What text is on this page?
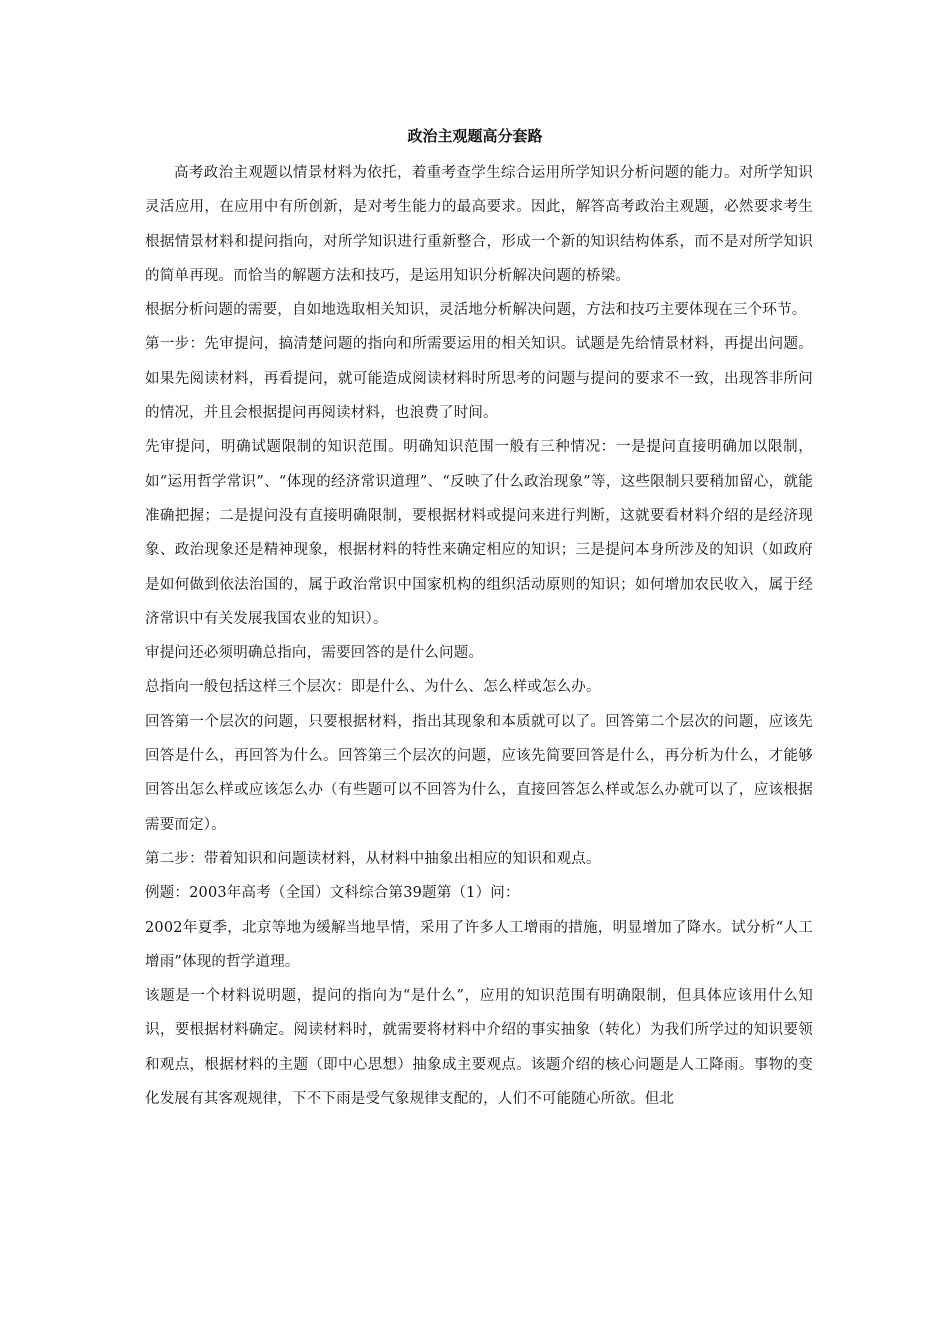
政治主观题高分套路

高考政治主观题以情景材料为依托，着重考查学生综合运用所学知识分析问题的能力。对所学知识灵活应用，在应用中有所创新，是对考生能力的最高要求。因此，解答高考政治主观题，必然要求考生根据情景材料和提问指向，对所学知识进行重新整合，形成一个新的知识结构体系，而不是对所学知识的简单再现。而恰当的解题方法和技巧，是运用知识分析解决问题的桥梁。

根据分析问题的需要，自如地选取相关知识，灵活地分析解决问题，方法和技巧主要体现在三个环节。

第一步：先审提问，搞清楚问题的指向和所需要运用的相关知识。试题是先给情景材料，再提出问题。如果先阅读材料，再看提问，就可能造成阅读材料时所思考的问题与提问的要求不一致，出现答非所问的情况，并且会根据提问再阅读材料，也浪费了时间。

先审提问，明确试题限制的知识范围。明确知识范围一般有三种情况：一是提问直接明确加以限制，如“运用哲学常识”、“体现的经济常识道理”、“反映了什么政治现象”等，这些限制只要稍加留心，就能准确把握；二是提问没有直接明确限制，要根据材料或提问来进行判断，这就要看材料介绍的是经济现象、政治现象还是精神现象，根据材料的特性来确定相应的知识；三是提问本身所涉及的知识（如政府是如何做到依法治国的，属于政治常识中国家机构的组织活动原则的知识；如何增加农民收入，属于经济常识中有关发展我国农业的知识）。

审提问还必须明确总指向，需要回答的是什么问题。

总指向一般包括这样三个层次：即是什么、为什么、怎么样或怎么办。

回答第一个层次的问题，只要根据材料，指出其现象和本质就可以了。回答第二个层次的问题，应该先回答是什么，再回答为什么。回答第三个层次的问题，应该先简要回答是什么，再分析为什么，才能够回答出怎么样或应该怎么办（有些题可以不回答为什么，直接回答怎么样或怎么办就可以了，应该根据需要而定）。

第二步：带着知识和问题读材料，从材料中抽象出相应的知识和观点。

例题：2003年高考（全国）文科综合第39题第（1）问：

2002年夏季，北京等地为缓解当地旱情，采用了许多人工增雨的措施，明显增加了降水。试分析“人工增雨”体现的哲学道理。

该题是一个材料说明题，提问的指向为“是什么”，应用的知识范围有明确限制，但具体应该用什么知识，要根据材料确定。阅读材料时，就需要将材料中介绍的事实抽象（转化）为我们所学过的知识要领和观点，根据材料的主题（即中心思想）抽象成主要观点。该题介绍的核心问题是人工降雨。事物的变化发展有其客观规律，下不下雨是受气象规律支配的，人们不可能随心所欲。但北
